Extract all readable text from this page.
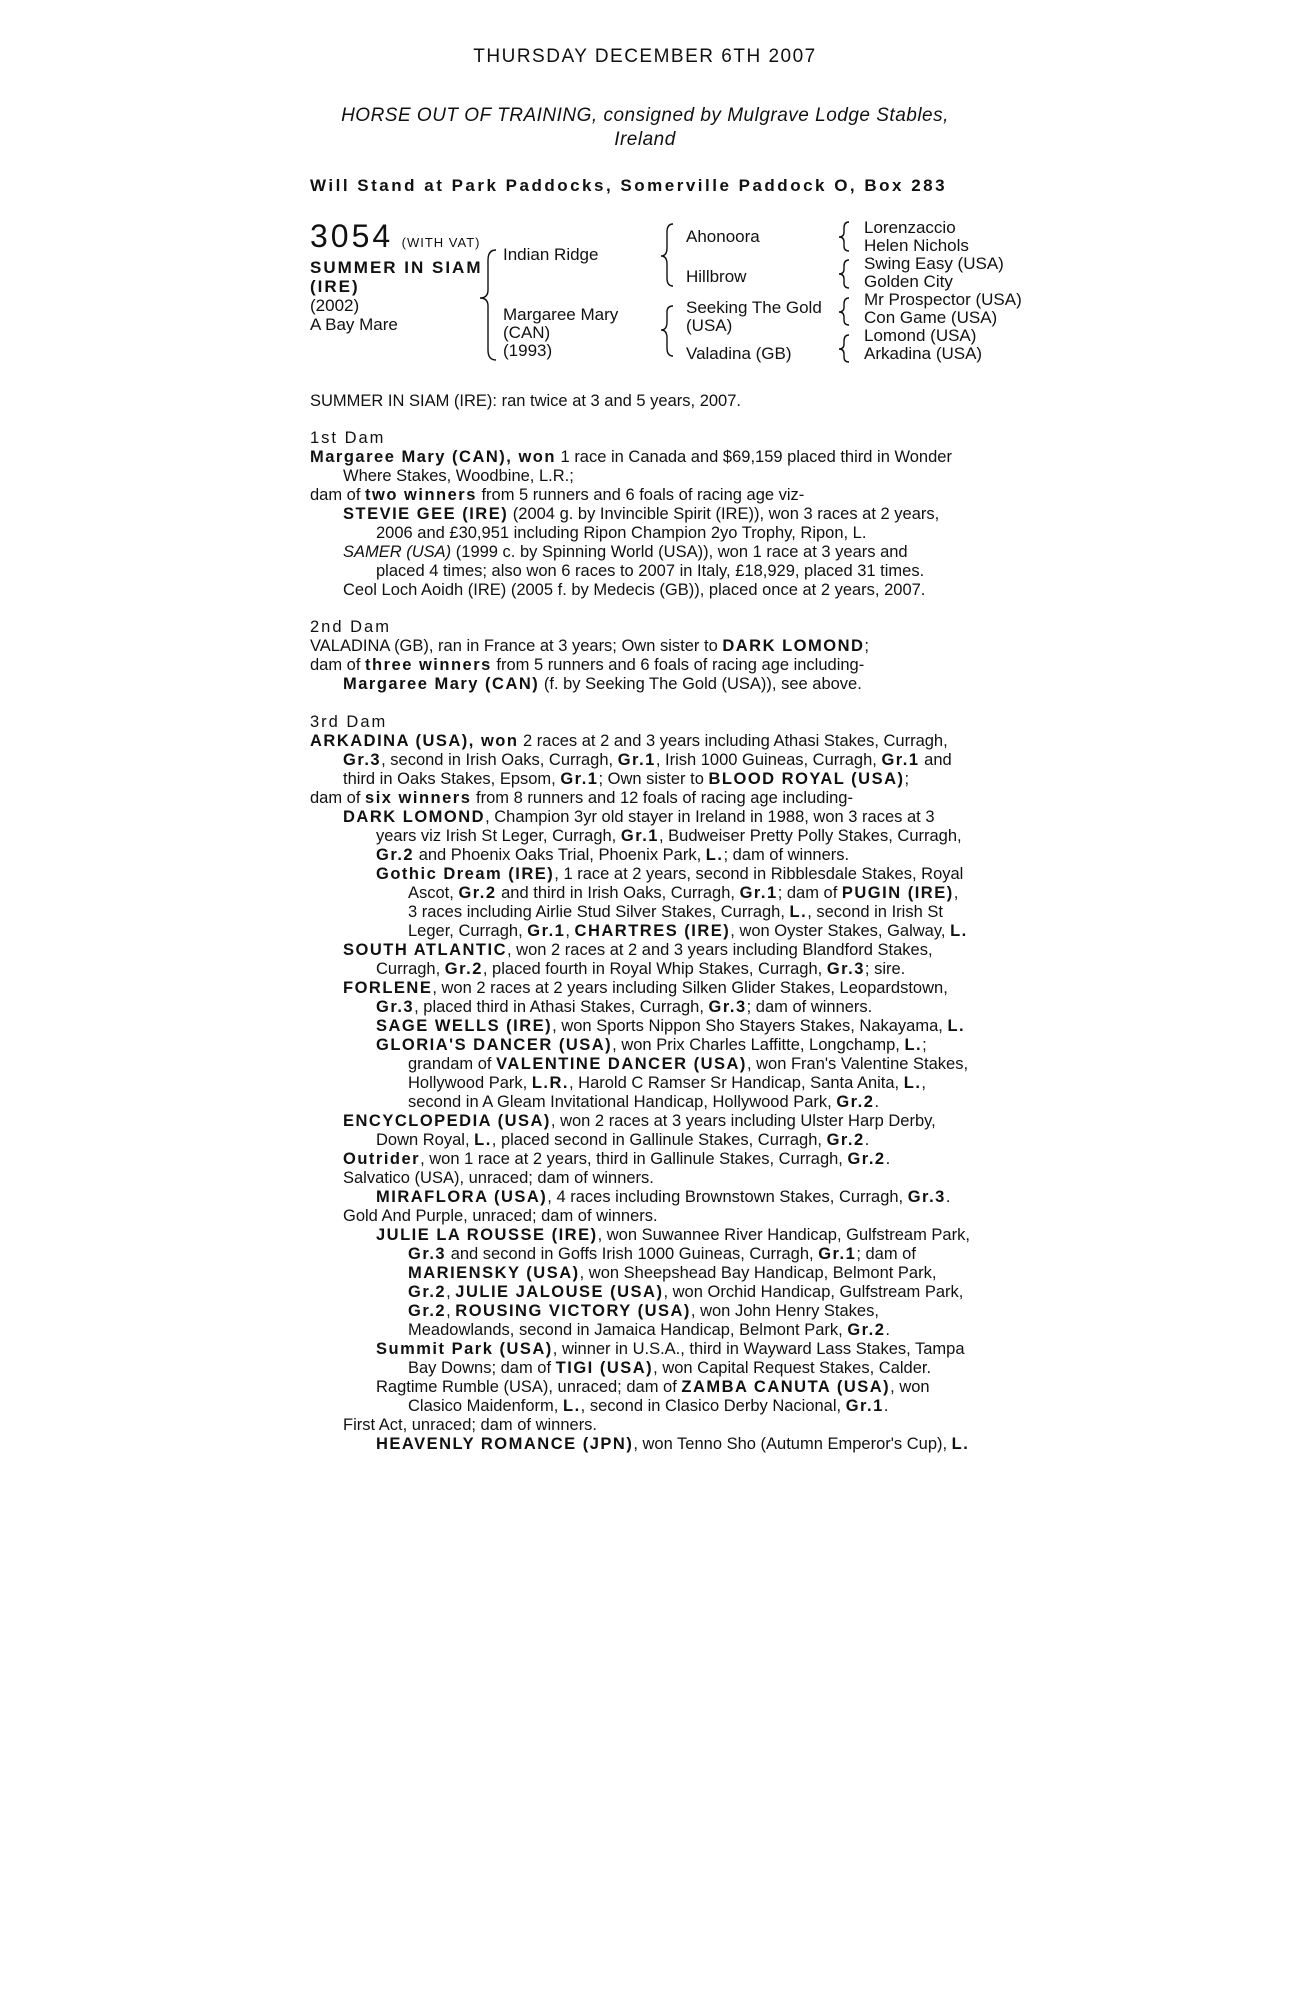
THURSDAY DECEMBER 6TH 2007
HORSE OUT OF TRAINING, consigned by Mulgrave Lodge Stables, Ireland
Will Stand at Park Paddocks, Somerville Paddock O, Box 283
3054 (WITH VAT)
SUMMER IN SIAM
(IRE)
(2002)
A Bay Mare
Indian Ridge
Margaree Mary
(CAN)
(1993)
Ahonoora
Hillbrow
Seeking The Gold
(USA)
Valadina (GB)
Lorenzaccio
Helen Nichols
Swing Easy (USA)
Golden City
Mr Prospector (USA)
Con Game (USA)
Lomond (USA)
Arkadina (USA)
SUMMER IN SIAM (IRE): ran twice at 3 and 5 years, 2007.
1st Dam
Margaree Mary (CAN), won 1 race in Canada and $69,159 placed third in Wonder
Where Stakes, Woodbine, L.R.;
dam of two winners from 5 runners and 6 foals of racing age viz-
STEVIE GEE (IRE) (2004 g. by Invincible Spirit (IRE)), won 3 races at 2 years,
2006 and £30,951 including Ripon Champion 2yo Trophy, Ripon, L.
SAMER (USA) (1999 c. by Spinning World (USA)), won 1 race at 3 years and
placed 4 times; also won 6 races to 2007 in Italy, £18,929, placed 31 times.
Ceol Loch Aoidh (IRE) (2005 f. by Medecis (GB)), placed once at 2 years, 2007.
2nd Dam
VALADINA (GB), ran in France at 3 years; Own sister to DARK LOMOND;
dam of three winners from 5 runners and 6 foals of racing age including-
Margaree Mary (CAN) (f. by Seeking The Gold (USA)), see above.
3rd Dam
ARKADINA (USA), won 2 races at 2 and 3 years including Athasi Stakes, Curragh,
Gr.3, second in Irish Oaks, Curragh, Gr.1, Irish 1000 Guineas, Curragh, Gr.1 and
third in Oaks Stakes, Epsom, Gr.1; Own sister to BLOOD ROYAL (USA);
dam of six winners from 8 runners and 12 foals of racing age including-
DARK LOMOND, Champion 3yr old stayer in Ireland in 1988, won 3 races at 3
years viz Irish St Leger, Curragh, Gr.1, Budweiser Pretty Polly Stakes, Curragh,
Gr.2 and Phoenix Oaks Trial, Phoenix Park, L.; dam of winners.
Gothic Dream (IRE), 1 race at 2 years, second in Ribblesdale Stakes, Royal
Ascot, Gr.2 and third in Irish Oaks, Curragh, Gr.1; dam of PUGIN (IRE),
3 races including Airlie Stud Silver Stakes, Curragh, L., second in Irish St
Leger, Curragh, Gr.1, CHARTRES (IRE), won Oyster Stakes, Galway, L.
SOUTH ATLANTIC, won 2 races at 2 and 3 years including Blandford Stakes,
Curragh, Gr.2, placed fourth in Royal Whip Stakes, Curragh, Gr.3; sire.
FORLENE, won 2 races at 2 years including Silken Glider Stakes, Leopardstown,
Gr.3, placed third in Athasi Stakes, Curragh, Gr.3; dam of winners.
SAGE WELLS (IRE), won Sports Nippon Sho Stayers Stakes, Nakayama, L.
GLORIA'S DANCER (USA), won Prix Charles Laffitte, Longchamp, L.;
grandam of VALENTINE DANCER (USA), won Fran's Valentine Stakes,
Hollywood Park, L.R., Harold C Ramser Sr Handicap, Santa Anita, L.,
second in A Gleam Invitational Handicap, Hollywood Park, Gr.2.
ENCYCLOPEDIA (USA), won 2 races at 3 years including Ulster Harp Derby,
Down Royal, L., placed second in Gallinule Stakes, Curragh, Gr.2.
Outrider, won 1 race at 2 years, third in Gallinule Stakes, Curragh, Gr.2.
Salvatico (USA), unraced; dam of winners.
MIRAFLORA (USA), 4 races including Brownstown Stakes, Curragh, Gr.3.
Gold And Purple, unraced; dam of winners.
JULIE LA ROUSSE (IRE), won Suwannee River Handicap, Gulfstream Park,
Gr.3 and second in Goffs Irish 1000 Guineas, Curragh, Gr.1; dam of
MARIENSKY (USA), won Sheepshead Bay Handicap, Belmont Park,
Gr.2, JULIE JALOUSE (USA), won Orchid Handicap, Gulfstream Park,
Gr.2, ROUSING VICTORY (USA), won John Henry Stakes,
Meadowlands, second in Jamaica Handicap, Belmont Park, Gr.2.
Summit Park (USA), winner in U.S.A., third in Wayward Lass Stakes, Tampa
Bay Downs; dam of TIGI (USA), won Capital Request Stakes, Calder.
Ragtime Rumble (USA), unraced; dam of ZAMBA CANUTA (USA), won
Clasico Maidenform, L., second in Clasico Derby Nacional, Gr.1.
First Act, unraced; dam of winners.
HEAVENLY ROMANCE (JPN), won Tenno Sho (Autumn Emperor's Cup), L.
